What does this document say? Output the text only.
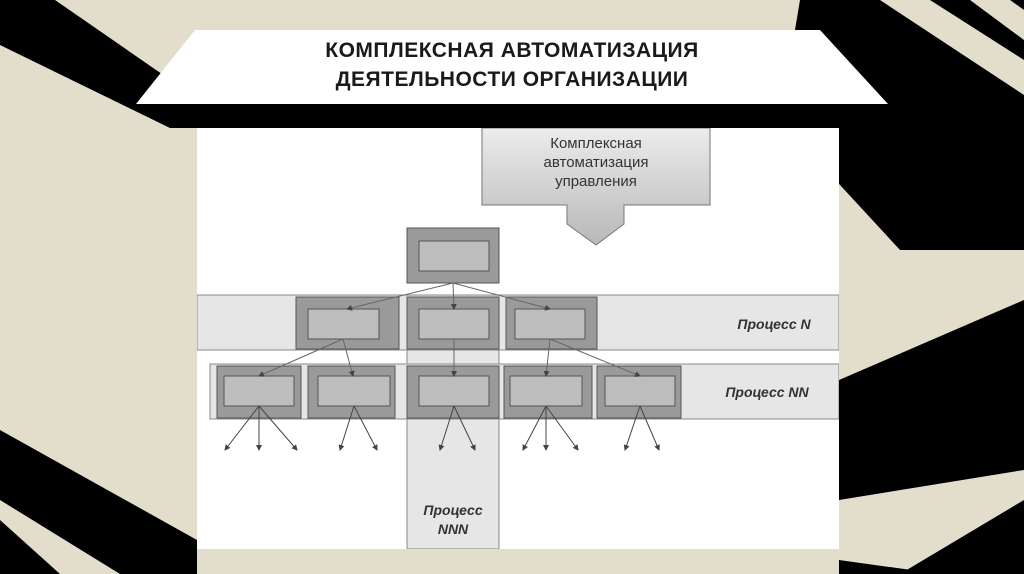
КОМПЛЕКСНАЯ АВТОМАТИЗАЦИЯ
ДЕЯТЕЛЬНОСТИ ОРГАНИЗАЦИИ
Комплексная
автоматизация
управления
Процесс N
Процесс NN
Процесс
NNN
